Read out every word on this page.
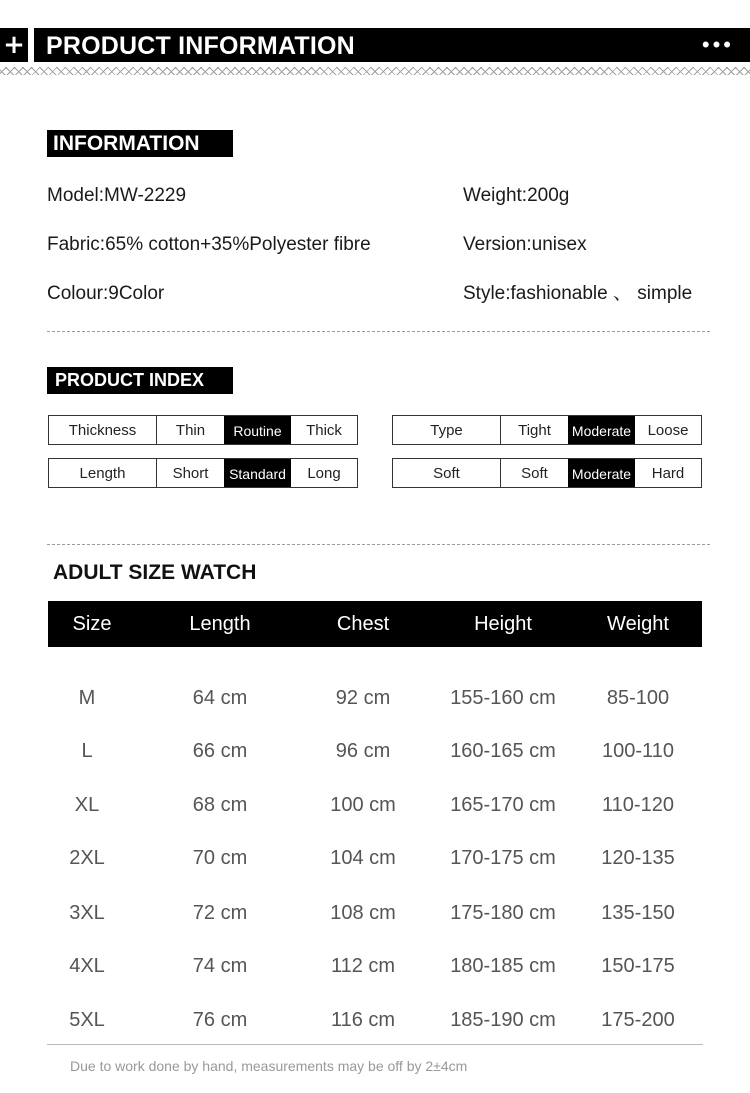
+ PRODUCT INFORMATION	•••
INFORMATION
Model:MW-2229	Weight:200g
Fabric:65% cotton+35%Polyester fibre	Version:unisex
Colour:9Color	Style:fashionable 、 simple
PRODUCT INDEX
Thickness	Thin	Routine	Thick	Type	Tight	Moderate	Loose
Length	Short	Standard	Long	Soft	Soft	Moderate	Hard
ADULT SIZE WATCH
Size	Length	Chest	Height	Weight
M	64 cm	92 cm	155-160 cm	85-100
L	66 cm	96 cm	160-165 cm	100-110
XL	68 cm	100 cm	165-170 cm	110-120
2XL	70 cm	104 cm	170-175 cm	120-135
3XL	72 cm	108 cm	175-180 cm	135-150
4XL	74 cm	112 cm	180-185 cm	150-175
5XL	76 cm	116 cm	185-190 cm	175-200
Due to work done by hand, measurements may be off by 2±4cm
